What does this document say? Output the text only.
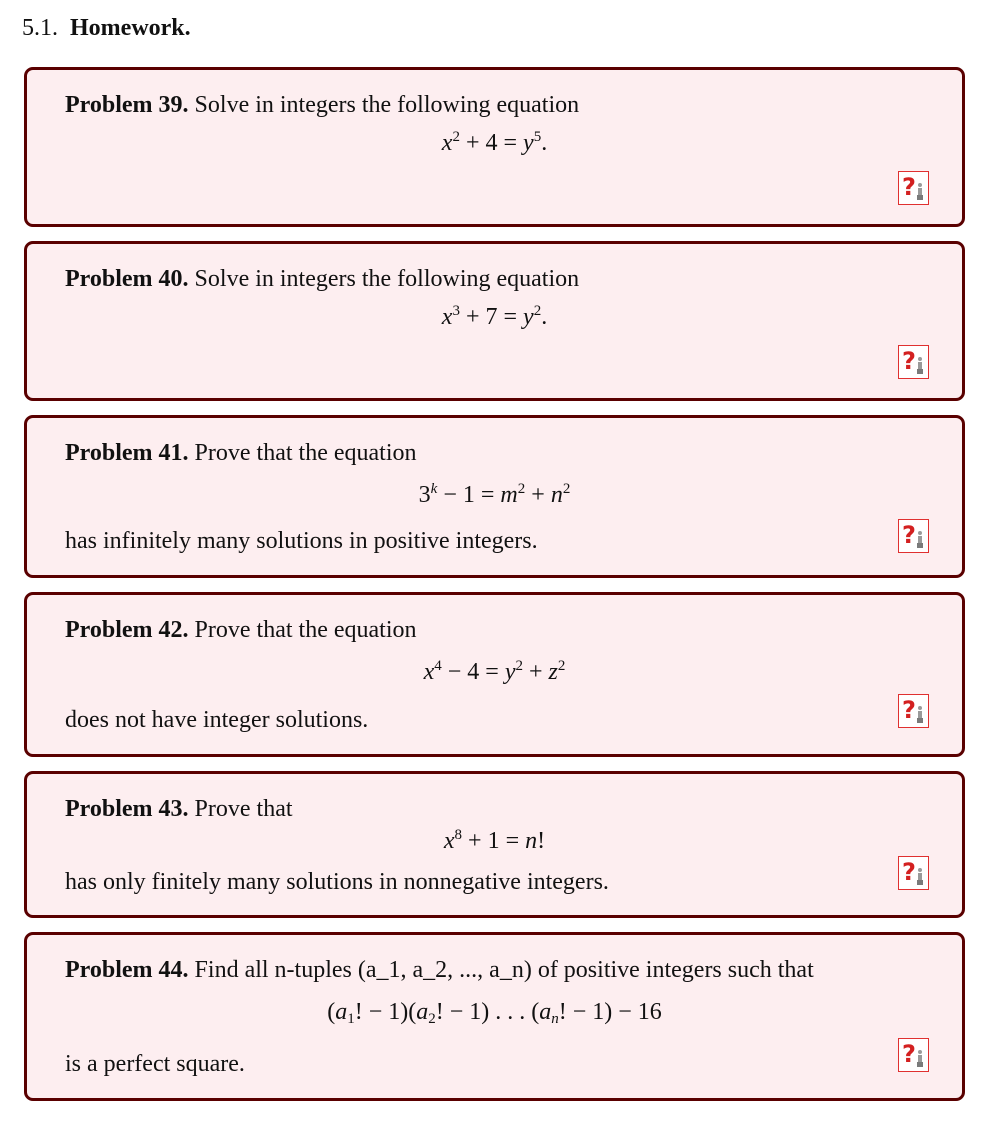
5.1. Homework.
Problem 39. Solve in integers the following equation
$x^2 + 4 = y^5$.
?
Problem 40. Solve in integers the following equation
$x^3 + 7 = y^2$.
?
Problem 41. Prove that the equation
$3^k - 1 = m^2 + n^2$
has infinitely many solutions in positive integers.	?
Problem 42. Prove that the equation
$x^4 - 4 = y^2 + z^2$
does not have integer solutions.	?
Problem 43. Prove that
$x^8 + 1 = n$!
has only finitely many solutions in nonnegative integers.	?
Problem 44. Find all n-tuples (a_1, a_2, ..., a_n) of positive integers such that
($a_1$! − $1)(a_2$! − 1) . . . ($a_n$! − 1) − 16
is a perfect square.	?
